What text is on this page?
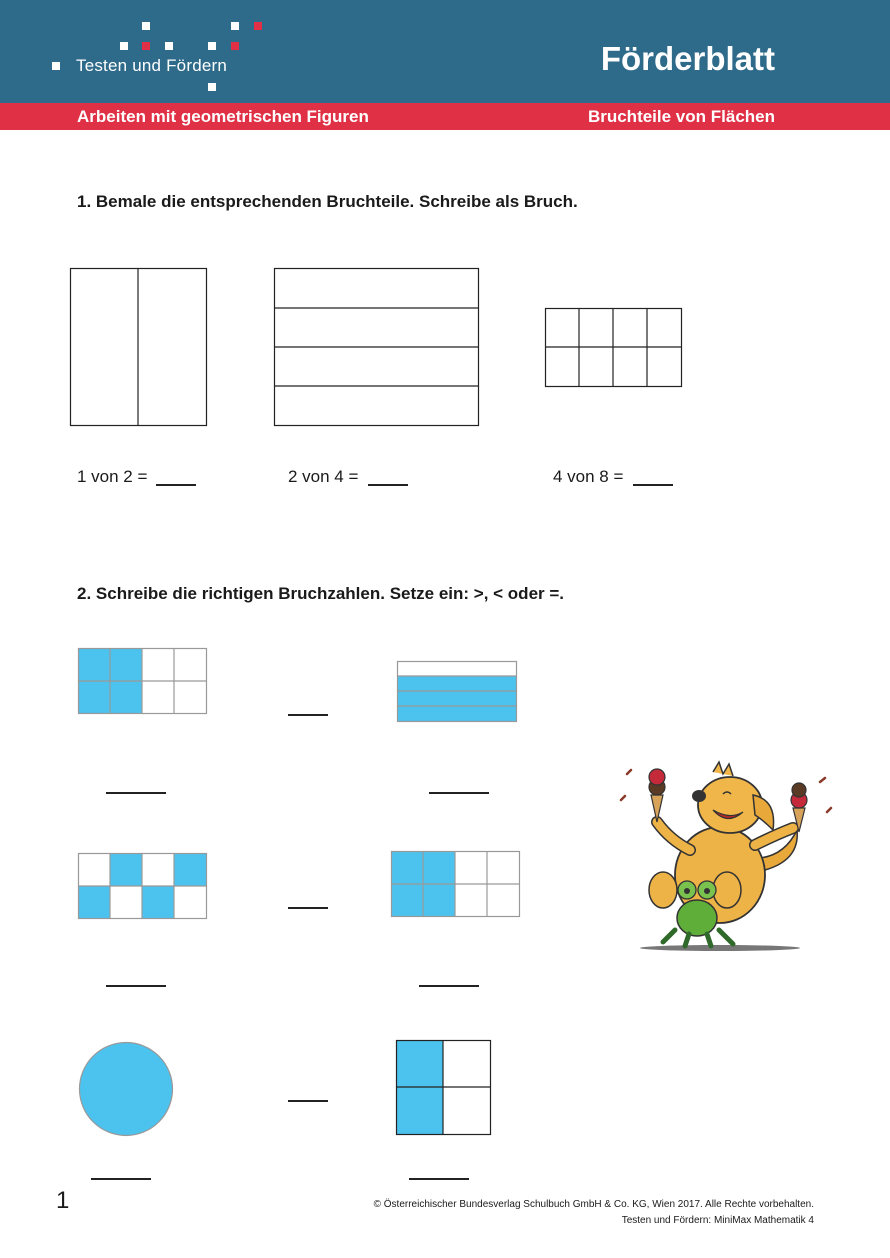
Testen und Fördern	Förderblatt
Arbeiten mit geometrischen Figuren	Bruchteile von Flächen
1. Bemale die entsprechenden Bruchteile. Schreibe als Bruch.
1 von 2 =	2 von 4 =	4 von 8 =
2. Schreibe die richtigen Bruchzahlen. Setze ein: >, < oder =.
1	© Österreichischer Bundesverlag Schulbuch GmbH & Co. KG, Wien 2017. Alle Rechte vorbehalten.
Testen und Fördern: MiniMax Mathematik 4
